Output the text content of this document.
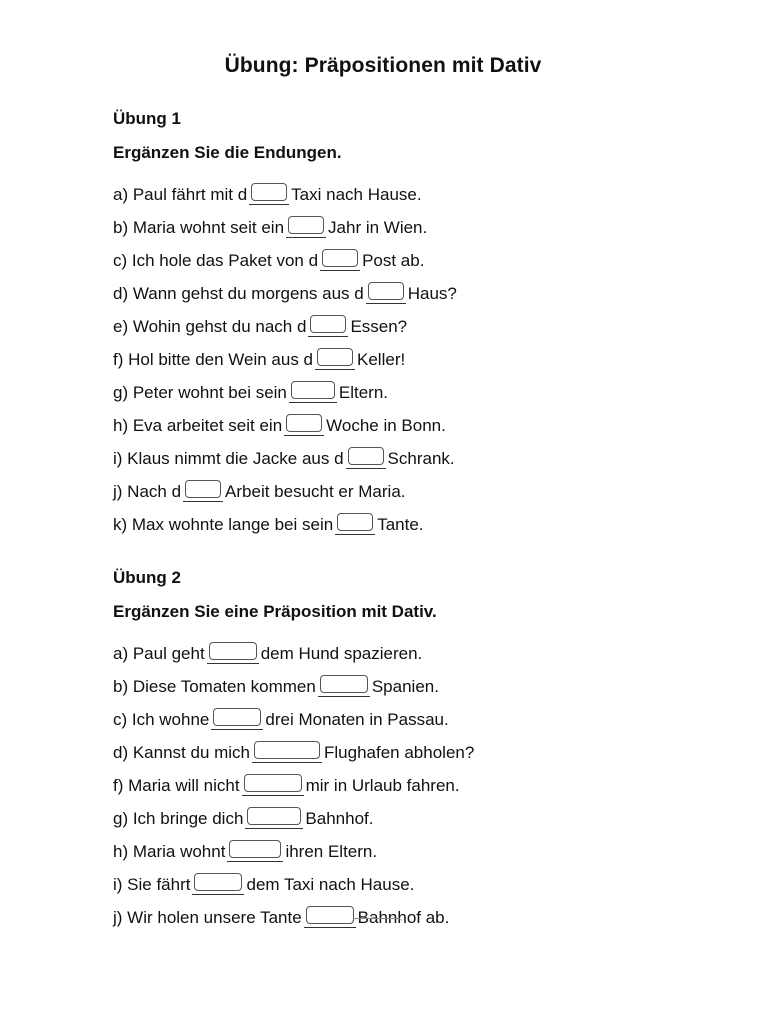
Übung: Präpositionen mit Dativ
Übung 1
Ergänzen Sie die Endungen.
a) Paul fährt mit d	Taxi nach Hause.
b) Maria wohnt seit ein	Jahr in Wien.
c) Ich hole das Paket von d	Post ab.
d) Wann gehst du morgens aus d	Haus?
e) Wohin gehst du nach d	Essen?
f) Hol bitte den Wein aus d	Keller!
g) Peter wohnt bei sein	Eltern.
h) Eva arbeitet seit ein	Woche in Bonn.
i) Klaus nimmt die Jacke aus d	Schrank.
j) Nach d	Arbeit besucht er Maria.
k) Max wohnte lange bei sein	Tante.
Übung 2
Ergänzen Sie eine Präposition mit Dativ.
a) Paul geht	dem Hund spazieren.
b) Diese Tomaten kommen	Spanien.
c) Ich wohne	drei Monaten in Passau.
d) Kannst du mich	Flughafen abholen?
f) Maria will nicht	mir in Urlaub fahren.
g) Ich bringe dich	Bahnhof.
h) Maria wohnt	ihren Eltern.
i) Sie fährt	dem Taxi nach Hause.
j) Wir holen unsere Tante	Bahnhof ab.
